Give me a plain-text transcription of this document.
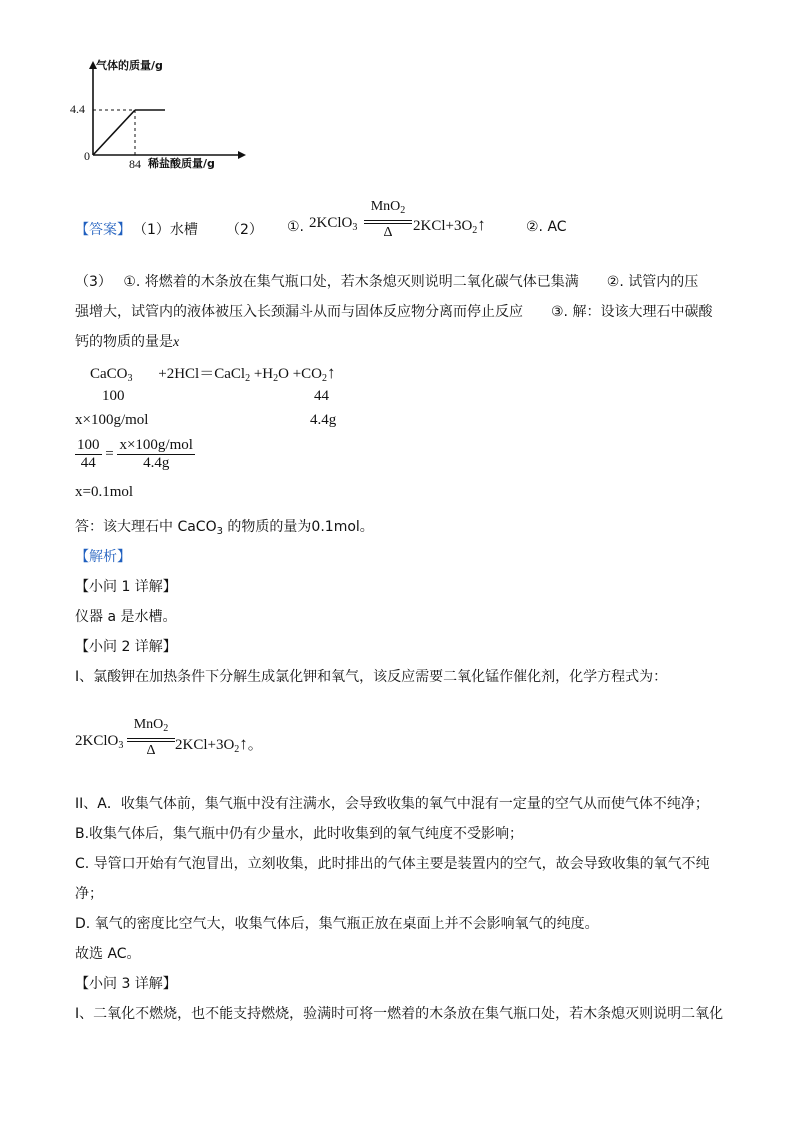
气体的质量/g
稀盐酸质量/g
4.4
84
0
【答案】 （1）水槽 （2） ①. 2KClO$_3$
MnO$_2$
Δ	$2KCl+3O_2↑$	②. AC
（3）　 ①. 将燃着的木条放在集气瓶口处，若木条熄灭则说明二氧化碳气体已集满　　②. 试管内的压
强增大，试管内的液体被压入长颈漏斗从而与固体反应物分离而停止反应　　③. 解：设该大理石中碳酸
钙的物质的量是x
CaCO$_3$ +2HCl＝CaCl$_2$ $+H_2O$ $+CO_2↑$
100	44
x×100g/mol	4.4g
$\frac{100}{44} = \frac{\text{x×100g/mol}}{4.4g}$
x=0.1mol
答：该大理石中 CaCO$_3$ 的物质的量为0.1mol。
【解析】
【小问 1 详解】
仪器 a 是水槽。
【小问 2 详解】
I、氯酸钾在加热条件下分解生成氯化钾和氧气，该反应需要二氧化锰作催化剂，化学方程式为：
2KClO$_3$
MnO$_2$
Δ	$2KCl+3O_2↑$。
II、A．收集气体前，集气瓶中没有注满水，会导致收集的氧气中混有一定量的空气从而使气体不纯净；
B.收集气体后，集气瓶中仍有少量水，此时收集到的氧气纯度不受影响；
C. 导管口开始有气泡冒出，立刻收集，此时排出的气体主要是装置内的空气，故会导致收集的氧气不纯
净；
D. 氧气的密度比空气大，收集气体后，集气瓶正放在桌面上并不会影响氧气的纯度。
故选 AC。
【小问 3 详解】
I、二氧化不燃烧，也不能支持燃烧，验满时可将一燃着的木条放在集气瓶口处，若木条熄灭则说明二氧化
